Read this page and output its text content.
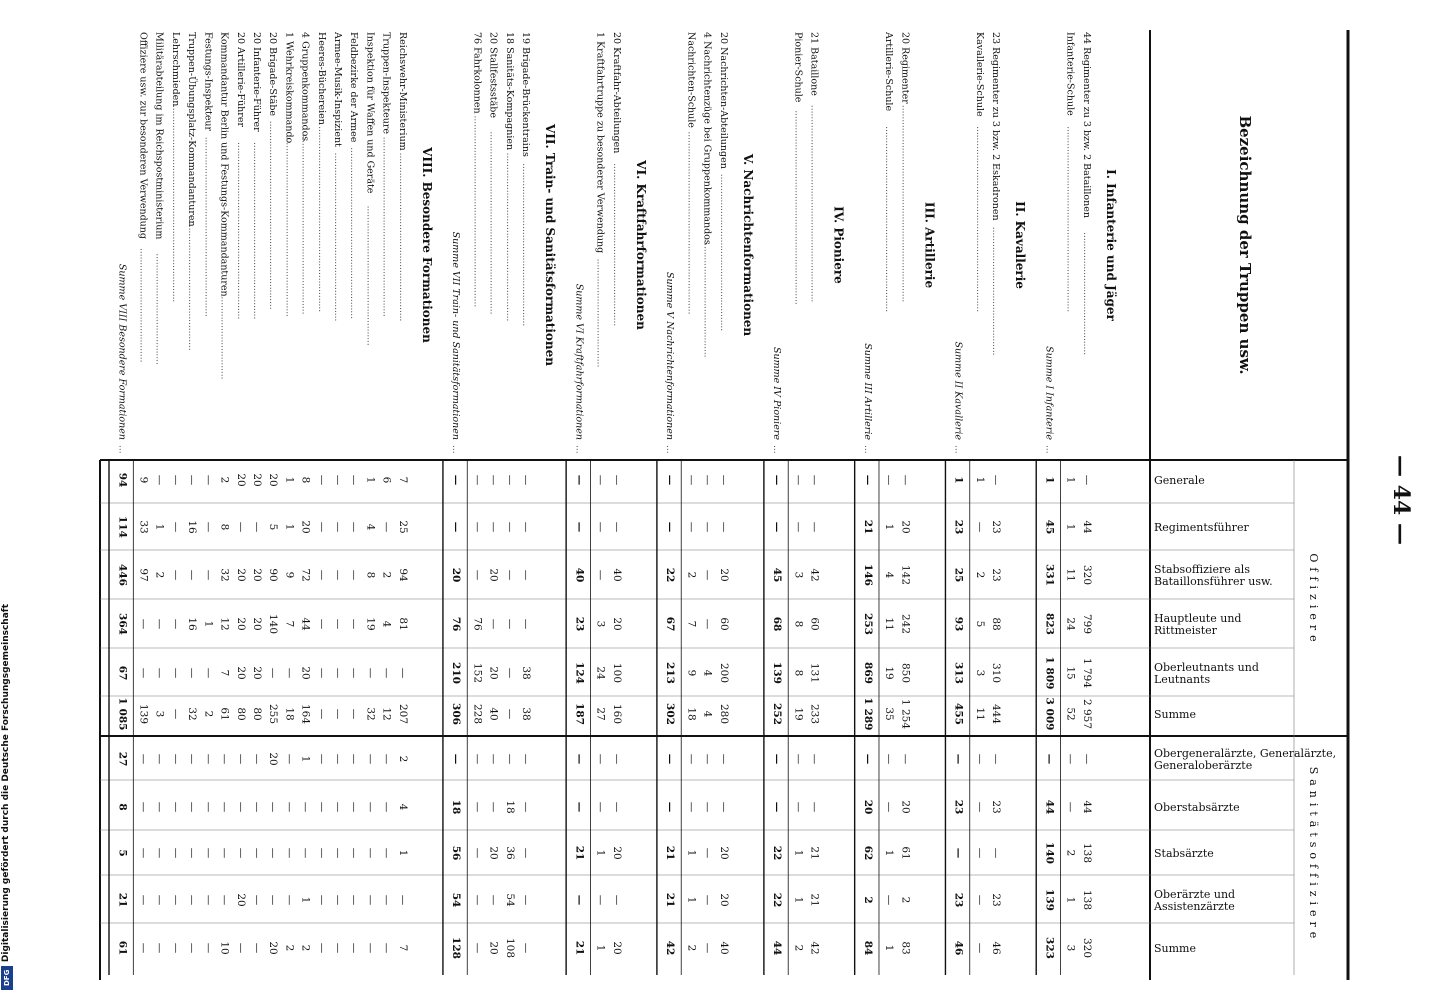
— 44 —
Bezeichnung der Truppen usw.
Offiziere
Sanitätsoffiziere
Generale
Regimentsführer
Stabsoffiziere als
Bataillonsführer usw.
Hauptleute und
Rittmeister
Oberleutnants und
Leutnants
Summe
Obergeneralärzte, Generalärzte,
Generaloberärzte
Oberstabsärzte
Stabsärzte
Oberärzte und
Assistenzärzte
Summe
I. Infanterie und Jäger
44 Regimenter zu 3 bzw. 2 Bataillonen
...........................................
—
44
320
799
1 794
2 957
—
44
138
138
320
Infanterie-Schule
.................................................................
1
1
11
24
15
52
—
—
2
1
3
Summe I Infanterie
...
1
45
331
823
1 809
3 009
—
44
140
139
323
II. Kavallerie
23 Regimenter zu 3 bzw. 2 Eskadronen
.............................................
—
23
23
88
310
444
—
23
—
23
46
Kavallerie-Schule
.................................................................
1
—
2
5
3
11
—
—
—
—
—
Summe II Kavallerie
...
1
23
25
93
313
455
—
23
—
23
46
III. Artillerie
20 Regimenter
.....................................................................
—
20
142
242
850
1 254
—
20
61
2
83
Artillerie-Schule
.................................................................
—
1
4
11
19
35
—
—
1
—
1
Summe III Artillerie
...
—
21
146
253
869
1 289
—
20
62
2
84
IV. Pioniere
21 Bataillone
.....................................................................
—
—
42
60
131
233
—
—
21
21
42
Pionier-Schule
....................................................................
—
—
3
8
8
19
—
—
1
1
2
Summe IV Pioniere
...
—
—
45
68
139
252
—
—
22
22
44
V. Nachrichtenformationen
20 Nachrichten-Abteilungen
.......................................................
—
—
20
60
200
280
—
—
20
20
40
4 Nachrichtenzüge bei Gruppenkommandos
..........................................
—
—
—
—
4
4
—
—
—
—
—
Nachrichten-Schule
................................................................
—
—
2
7
9
18
—
—
1
1
2
Summe V Nachrichtenformationen
...
—
—
22
67
213
302
—
—
21
21
42
VI. Kraftfahrformationen
20 Kraftfahr-Abteilungen
.........................................................
—
—
40
20
100
160
—
—
20
—
20
1 Kraftfahrtruppe zu besonderer Verwendung
......................................
—
—
—
3
24
27
—
—
1
—
1
Summe VI Kraftfahrformationen
...
—
—
40
23
124
187
—
—
21
—
21
VII. Train- und Sanitätsformationen
19 Brigade-Brückentrains
.........................................................
—
—
—
—
38
38
—
—
—
—
—
18 Sanitäts-Kompagnien
...........................................................
—
—
—
—
—
—
—
18
36
54
108
20 Stallfestsstäbe
................................................................
—
—
20
—
20
40
—
—
20
—
20
76 Fahrkolonnen
...................................................................
—
—
—
76
152
228
—
—
—
—
—
Summe VII Train- und Sanitätsformationen
...
—
—
20
76
210
306
—
18
56
54
128
VIII. Besondere Formationen
Reichswehr-Ministerium
...........................................................
7
25
94
81
—
207
2
4
1
—
7
Truppen-Inspekteure
...............................................................
6
—
2
4
—
12
—
—
—
—
—
Inspektion für Waffen und Geräte
.................................................
1
4
8
19
—
32
—
—
—
—
—
Feldbezirke der Armee
............................................................
—
—
—
—
—
—
—
—
—
—
—
Armee-Musik-Inspizient
...........................................................
—
—
—
—
—
—
—
—
—
—
—
Heeres-Büchereien
.................................................................
—
—
—
—
—
—
—
—
—
—
—
4 Gruppenkommandos
................................................................
8
20
72
44
20
164
1
—
—
1
2
1 Wehrkreiskommando
...............................................................
1
1
9
7
—
18
—
—
—
—
2
20 Brigade-Stäbe
..................................................................
20
5
90
140
—
255
20
—
—
—
20
20 Infanterie-Führer
..............................................................
20
—
20
20
20
80
—
—
—
—
—
20 Artillerie-Führer
..............................................................
20
—
20
20
20
80
—
—
—
20
—
Kommandantur Berlin und Festungs-Kommandanturen
.................................
2
8
32
12
7
61
—
—
—
—
10
Festungs-Inspekteur
...............................................................
—
—
—
1
—
2
—
—
—
—
—
Truppen-Übungsplatz-Kommandanturen
...............................................
—
16
—
16
—
32
—
—
—
—
—
Lehrschmieden
.....................................................................
—
—
—
—
—
—
—
—
—
—
—
Militärabteilung im Reichspostministerium
.......................................
—
1
2
—
—
3
—
—
—
—
—
Offiziere usw. zur besonderen Verwendung
........................................
9
33
97
—
—
139
—
—
—
—
—
Summe VIII Besondere Formationen
...
94
114
446
364
67
1 085
27
8
5
21
61
Digitalisierung gefördert durch die Deutsche Forschungsgemeinschaft
DFG
